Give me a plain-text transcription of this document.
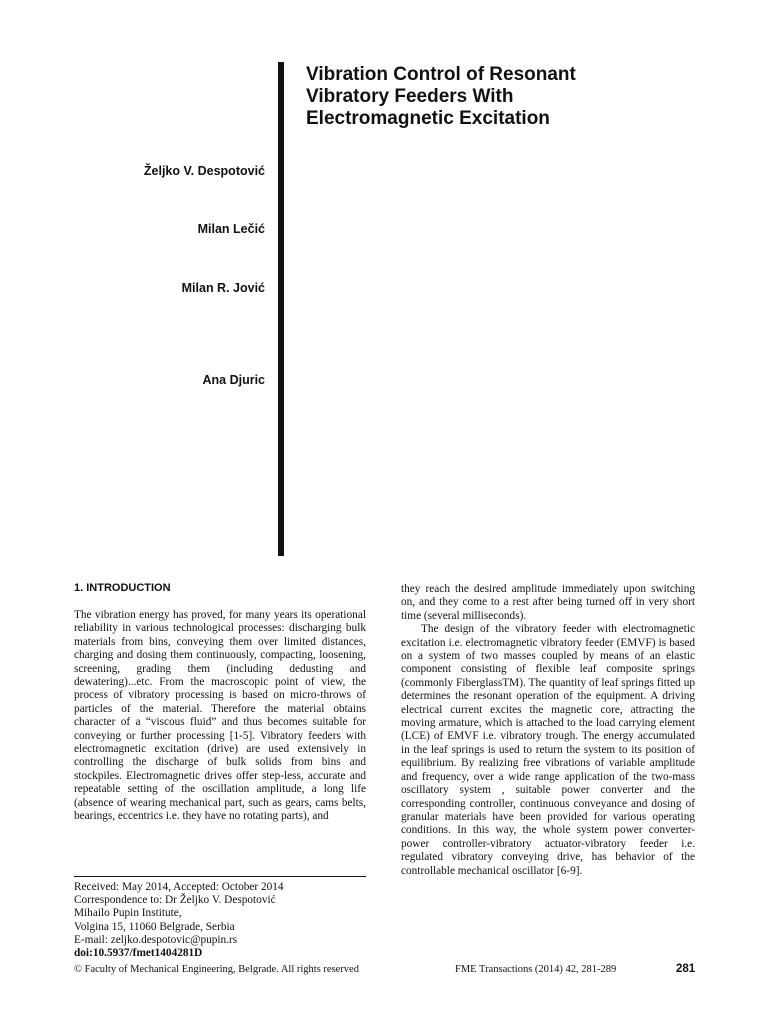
Vibration Control of Resonant
Vibratory Feeders With
Electromagnetic Excitation
Željko V. Despotović
Milan Lečić
Milan R. Jović
Ana Djuric
1. INTRODUCTION

The vibration energy has proved, for many years its operational reliability in various technological processes: discharging bulk materials from bins, conveying them over limited distances, charging and dosing them continuously, compacting, loosening, screening, grading them (including dedusting and dewatering)...etc. From the macroscopic point of view, the process of vibratory processing is based on micro-throws of particles of the material. Therefore the material obtains character of a “viscous fluid” and thus becomes suitable for conveying or further processing [1-5]. Vibratory feeders with electromagnetic excitation (drive) are used extensively in controlling the discharge of bulk solids from bins and stockpiles. Electromagnetic drives offer step-less, accurate and repeatable setting of the oscillation amplitude, a long life (absence of wearing mechanical part, such as gears, cams belts, bearings, eccentrics i.e. they have no rotating parts), and

they reach the desired amplitude immediately upon switching on, and they come to a rest after being turned off in very short time (several milliseconds).

The design of the vibratory feeder with electromagnetic excitation i.e. electromagnetic vibratory feeder (EMVF) is based on a system of two masses coupled by means of an elastic component consisting of flexible leaf composite springs (commonly FiberglassTM). The quantity of leaf springs fitted up determines the resonant operation of the equipment. A driving electrical current excites the magnetic core, attracting the moving armature, which is attached to the load carrying element (LCE) of EMVF i.e. vibratory trough. The energy accumulated in the leaf springs is used to return the system to its position of equilibrium. By realizing free vibrations of variable amplitude and frequency, over a wide range application of the two-mass oscillatory system , suitable power converter and the corresponding controller, continuous conveyance and dosing of granular materials have been provided for various operating conditions. In this way, the whole system power converter-power controller-vibratory actuator-vibratory feeder i.e. regulated vibratory conveying drive, has behavior of the controllable mechanical oscillator [6-9].

Received: May 2014, Accepted: October 2014
Correspondence to: Dr Željko V. Despotović
Mihailo Pupin Institute,
Volgina 15, 11060 Belgrade, Serbia
E-mail: zeljko.despotovic@pupin.rs
doi:10.5937/fmet1404281D
© Faculty of Mechanical Engineering, Belgrade. All rights reserved	FME Transactions (2014) 42, 281-289	281
